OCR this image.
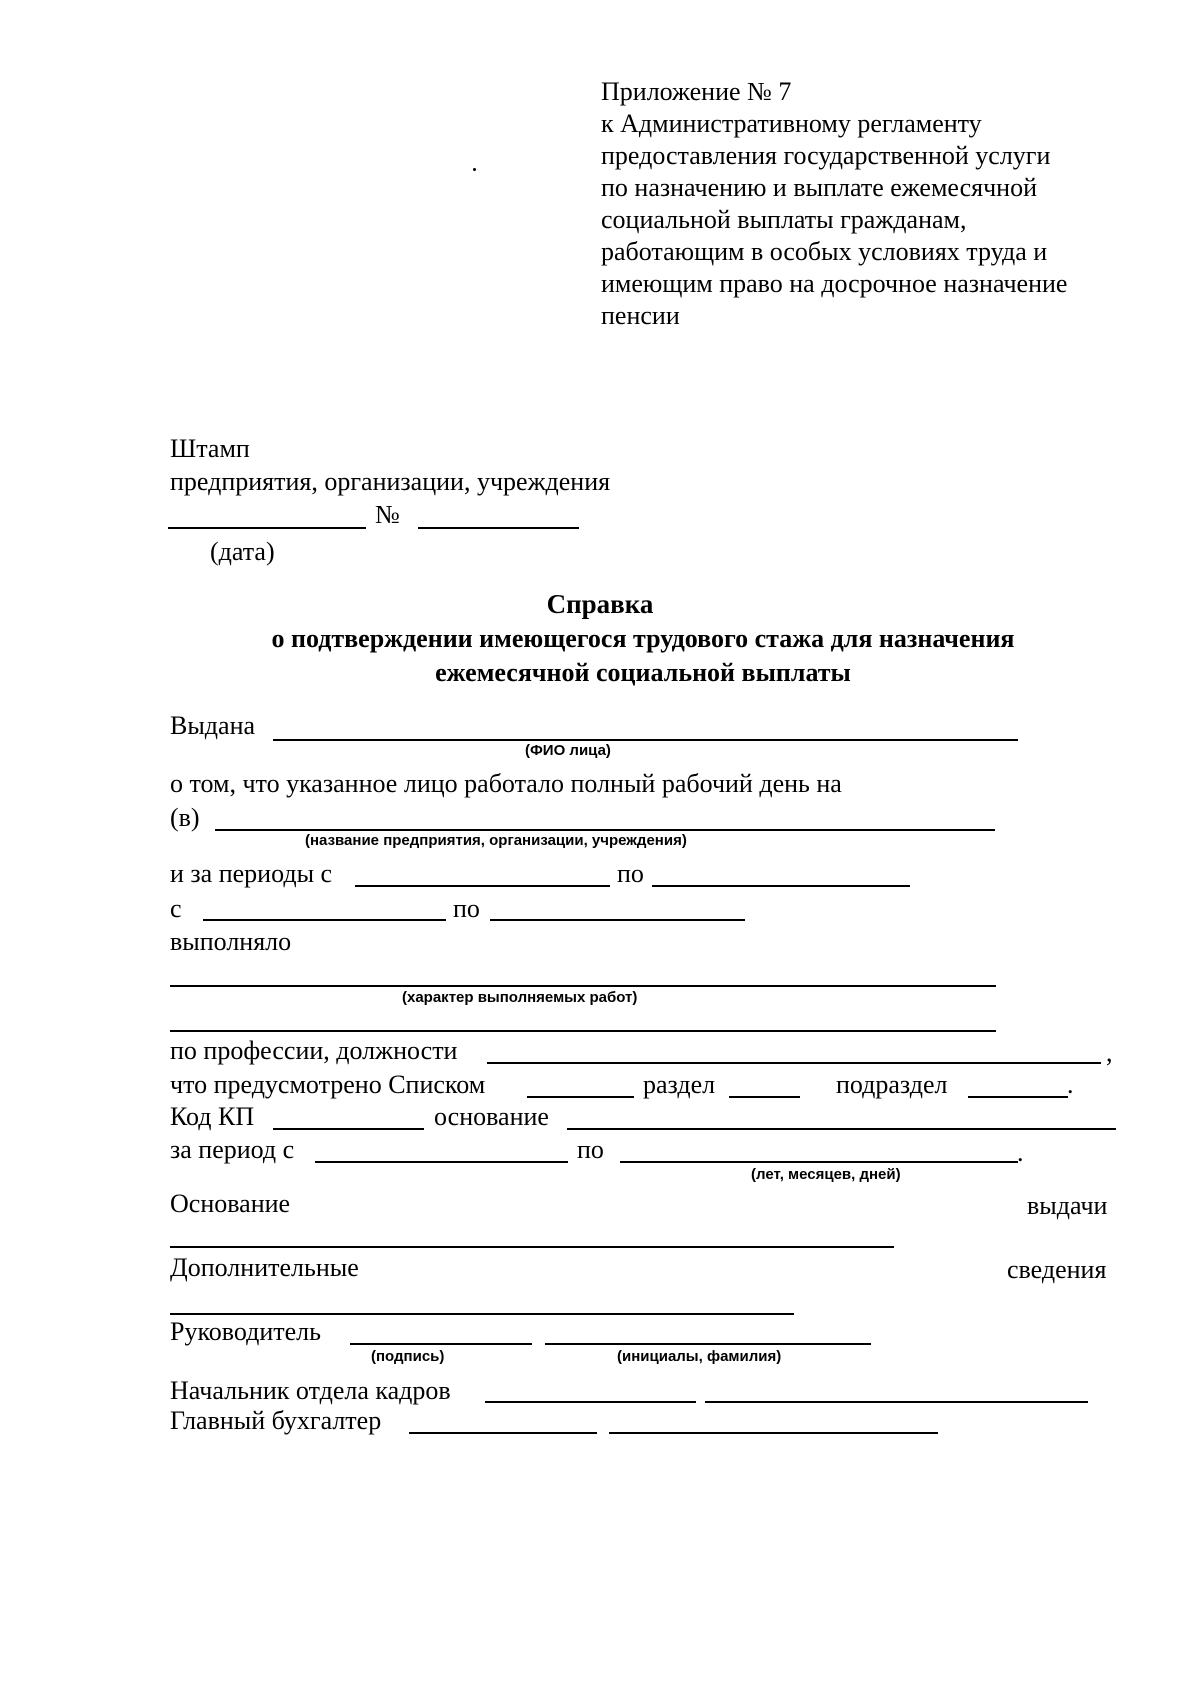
Приложение № 7
к Административному регламенту
предоставления государственной услуги
по назначению и выплате ежемесячной
социальной выплаты гражданам,
работающим в особых условиях труда и
имеющим право на досрочное назначение
пенсии
Штамп
предприятия, организации, учреждения
№
(дата)
Справка
о подтверждении имеющегося трудового стажа для назначения
ежемесячной социальной выплаты
Выдана
(ФИО лица)
о том, что указанное лицо работало полный рабочий день на
(в)
(название предприятия, организации, учреждения)
и за периоды с	по
с	по
выполняло
(характер выполняемых работ)
по профессии, должности	,
что предусмотрено Списком	раздел	подраздел	.
Код КП	основание
за период с	по	.
(лет, месяцев, дней)
Основание	выдачи
Дополнительные	сведения
Руководитель
(подпись)	(инициалы, фамилия)
Начальник отдела кадров
Главный бухгалтер
